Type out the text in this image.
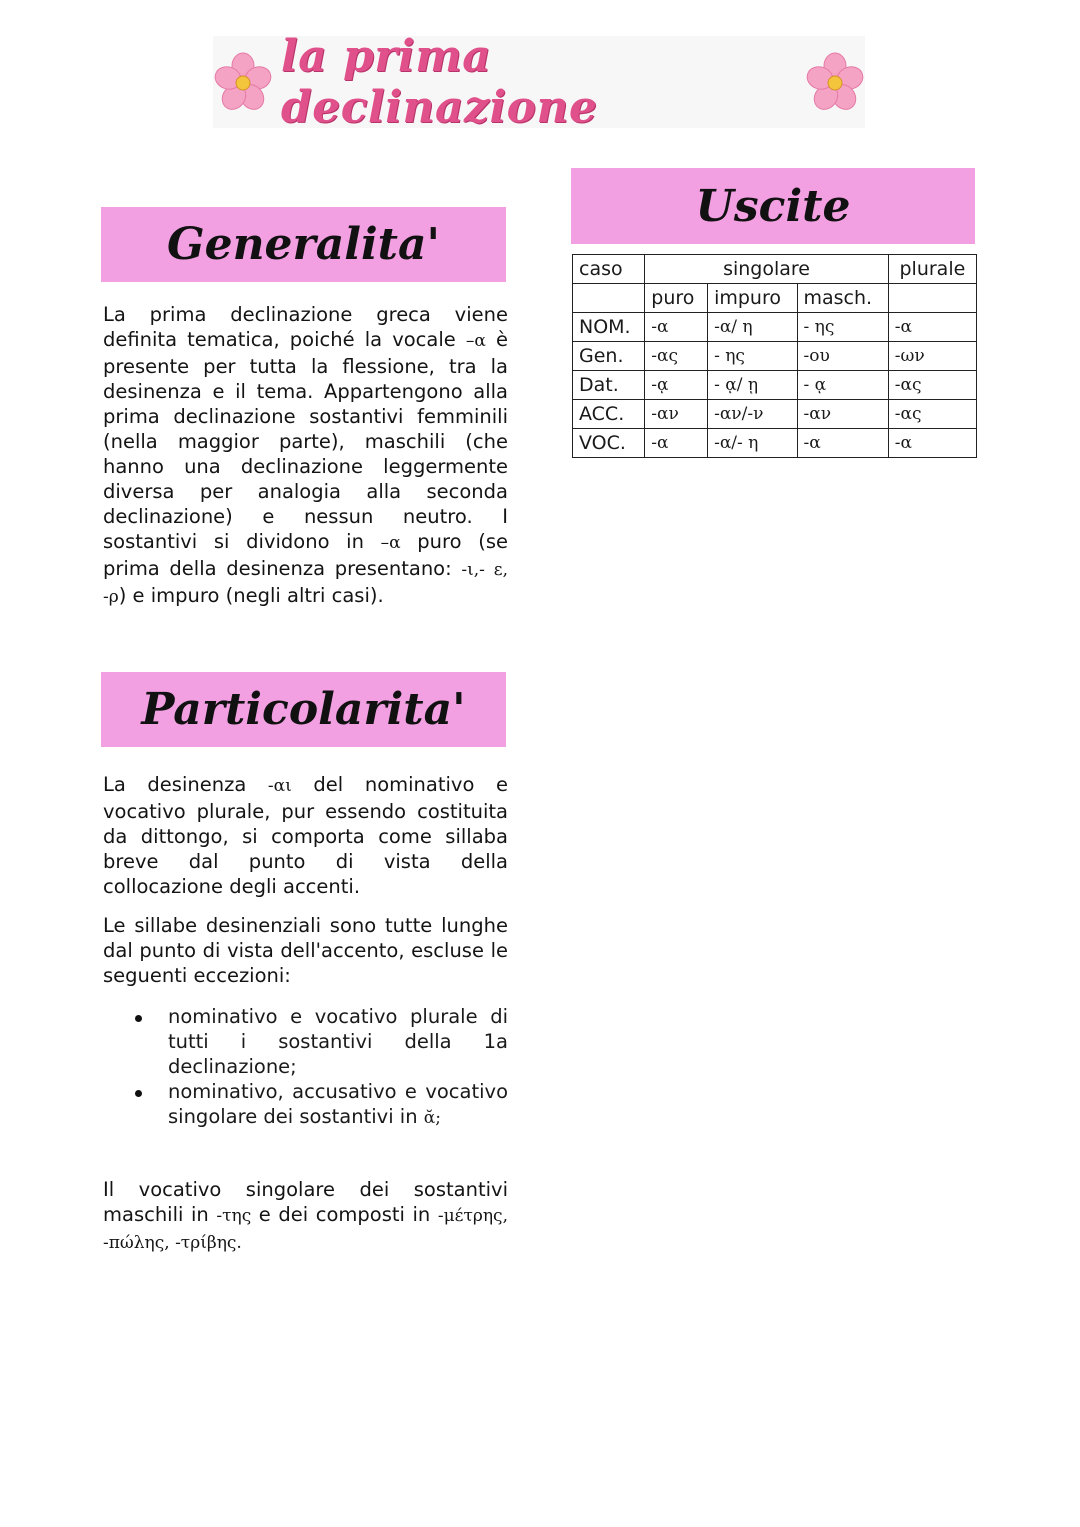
la prima declinazione
Generalita'

La prima declinazione greca viene definita tematica, poiché la vocale –α è presente per tutta la flessione, tra la desinenza e il tema. Appartengono alla prima declinazione sostantivi femminili (nella maggior parte), maschili (che hanno una declinazione leggermente diversa per analogia alla seconda declinazione) e nessun neutro. I sostantivi si dividono in –α puro (se prima della desinenza presentano: -ι,- ε, -ρ) e impuro (negli altri casi).

Particolarita'

La desinenza -αι del nominativo e vocativo plurale, pur essendo costituita da dittongo, si comporta come sillaba breve dal punto di vista della collocazione degli accenti.

Le sillabe desinenziali sono tutte lunghe dal punto di vista dell'accento, escluse le seguenti eccezioni:

nominativo e vocativo plurale di tutti i sostantivi della 1a declinazione;
nominativo, accusativo e vocativo singolare dei sostantivi in ᾰ;

Il vocativo singolare dei sostantivi maschili in -της e dei composti in -μέτρης, -πώλης, -τρίβης.

Uscite
caso	singolare			plurale
	puro	impuro	masch.	
NOM.	-α	-α/ η	- ης	-α
Gen.	-ας	- ης	-ου	-ων
Dat.	-ᾳ	- ᾳ/ ῃ	- ᾳ	-ας
ACC.	-αν	-αν/-ν	-αν	-ας
VOC.	-α	-α/- η	-α	-α
